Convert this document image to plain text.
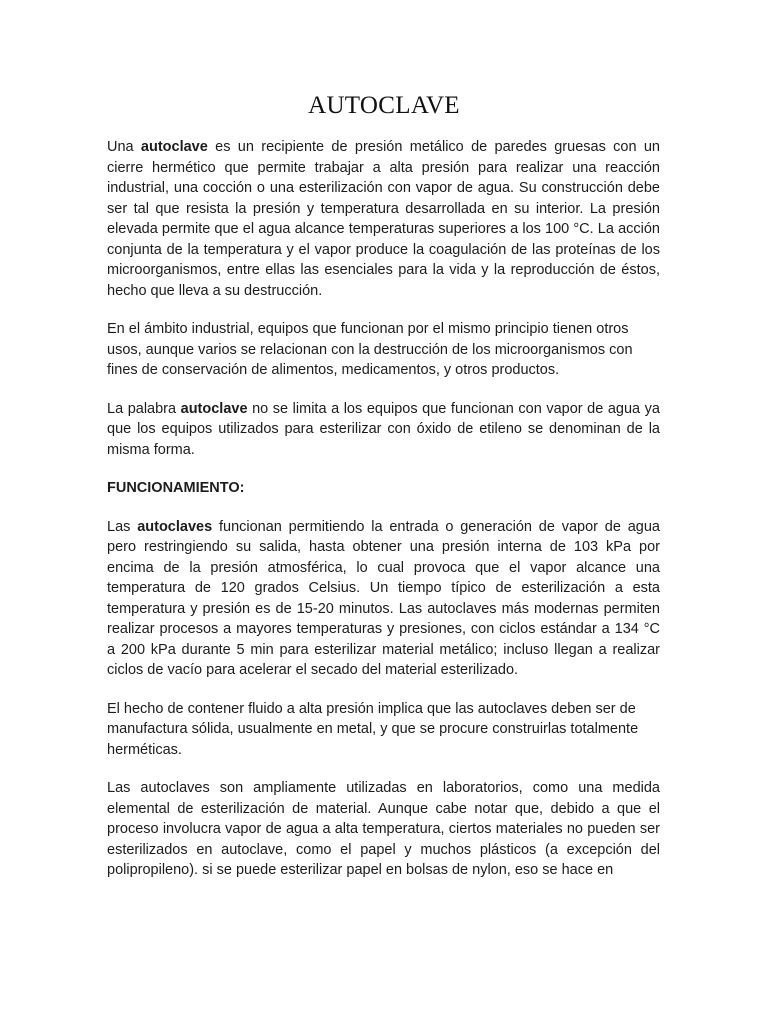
AUTOCLAVE

Una autoclave es un recipiente de presión metálico de paredes gruesas con un cierre hermético que permite trabajar a alta presión para realizar una reacción industrial, una cocción o una esterilización con vapor de agua. Su construcción debe ser tal que resista la presión y temperatura desarrollada en su interior. La presión elevada permite que el agua alcance temperaturas superiores a los 100 °C. La acción conjunta de la temperatura y el vapor produce la coagulación de las proteínas de los microorganismos, entre ellas las esenciales para la vida y la reproducción de éstos, hecho que lleva a su destrucción.

En el ámbito industrial, equipos que funcionan por el mismo principio tienen otros usos, aunque varios se relacionan con la destrucción de los microorganismos con fines de conservación de alimentos, medicamentos, y otros productos.

La palabra autoclave no se limita a los equipos que funcionan con vapor de agua ya que los equipos utilizados para esterilizar con óxido de etileno se denominan de la misma forma.

FUNCIONAMIENTO:

Las autoclaves funcionan permitiendo la entrada o generación de vapor de agua pero restringiendo su salida, hasta obtener una presión interna de 103 kPa por encima de la presión atmosférica, lo cual provoca que el vapor alcance una temperatura de 120 grados Celsius. Un tiempo típico de esterilización a esta temperatura y presión es de 15-20 minutos. Las autoclaves más modernas permiten realizar procesos a mayores temperaturas y presiones, con ciclos estándar a 134 °C a 200 kPa durante 5 min para esterilizar material metálico; incluso llegan a realizar ciclos de vacío para acelerar el secado del material esterilizado.

El hecho de contener fluido a alta presión implica que las autoclaves deben ser de manufactura sólida, usualmente en metal, y que se procure construirlas totalmente herméticas.

Las autoclaves son ampliamente utilizadas en laboratorios, como una medida elemental de esterilización de material. Aunque cabe notar que, debido a que el proceso involucra vapor de agua a alta temperatura, ciertos materiales no pueden ser esterilizados en autoclave, como el papel y muchos plásticos (a excepción del polipropileno). si se puede esterilizar papel en bolsas de nylon, eso se hace en
